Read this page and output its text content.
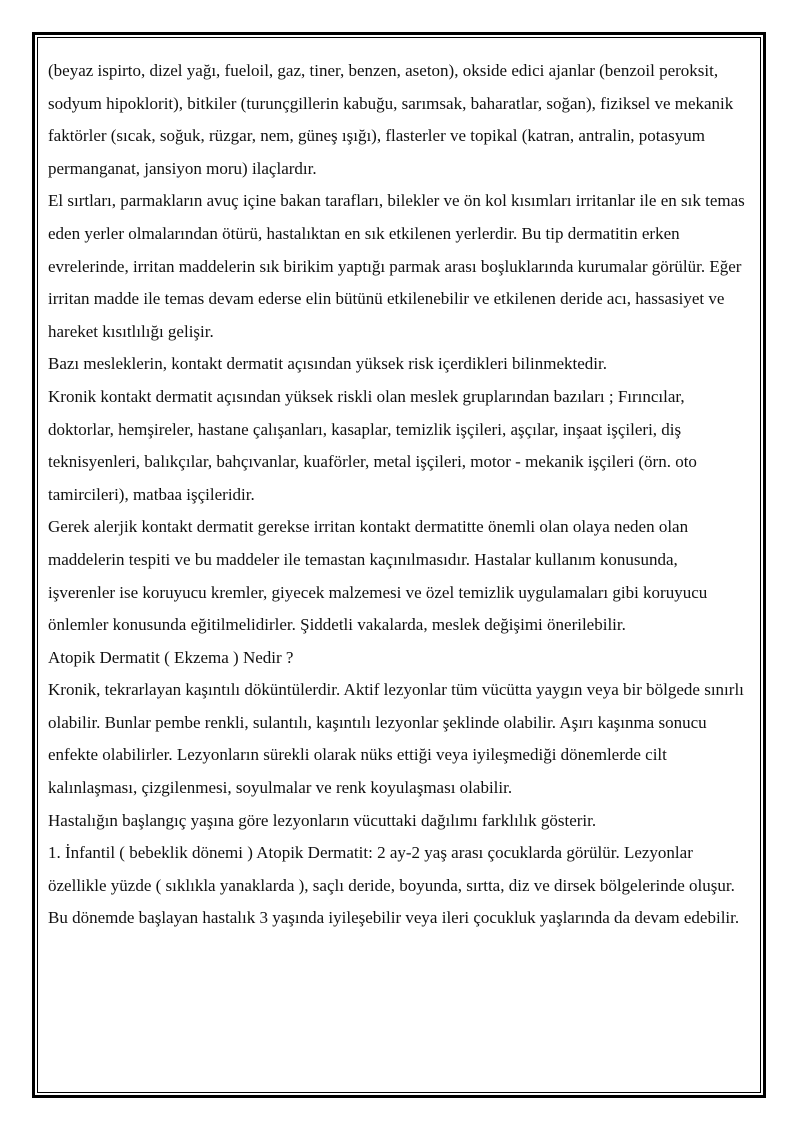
(beyaz ispirto, dizel yağı, fueloil, gaz, tiner, benzen, aseton), okside edici ajanlar (benzoil peroksit, sodyum hipoklorit), bitkiler (turunçgillerin kabuğu, sarımsak, baharatlar, soğan), fiziksel ve mekanik faktörler (sıcak, soğuk, rüzgar, nem, güneş ışığı), flasterler ve topikal (katran, antralin, potasyum permanganat, jansiyon moru) ilaçlardır.

El sırtları, parmakların avuç içine bakan tarafları, bilekler ve ön kol kısımları irritanlar ile en sık temas eden yerler olmalarından ötürü, hastalıktan en sık etkilenen yerlerdir. Bu tip dermatitin erken evrelerinde, irritan maddelerin sık birikim yaptığı parmak arası boşluklarında kurumalar görülür. Eğer irritan madde ile temas devam ederse elin bütünü etkilenebilir ve etkilenen deride acı, hassasiyet ve hareket kısıtlılığı gelişir.

Bazı mesleklerin, kontakt dermatit açısından yüksek risk içerdikleri bilinmektedir.

Kronik kontakt dermatit açısından yüksek riskli olan meslek gruplarından bazıları ; Fırıncılar, doktorlar, hemşireler, hastane çalışanları, kasaplar, temizlik işçileri, aşçılar, inşaat işçileri, diş teknisyenleri, balıkçılar, bahçıvanlar, kuaförler, metal işçileri, motor - mekanik işçileri (örn. oto tamircileri), matbaa işçileridir.

Gerek alerjik kontakt dermatit gerekse irritan kontakt dermatitte önemli olan olaya neden olan maddelerin tespiti ve bu maddeler ile temastan kaçınılmasıdır. Hastalar kullanım konusunda, işverenler ise koruyucu kremler, giyecek malzemesi ve özel temizlik uygulamaları gibi koruyucu önlemler konusunda eğitilmelidirler. Şiddetli vakalarda, meslek değişimi önerilebilir.

Atopik Dermatit ( Ekzema ) Nedir ?

Kronik, tekrarlayan kaşıntılı döküntülerdir. Aktif lezyonlar tüm vücütta yaygın veya bir bölgede sınırlı olabilir. Bunlar pembe renkli, sulantılı, kaşıntılı lezyonlar şeklinde olabilir. Aşırı kaşınma sonucu enfekte olabilirler. Lezyonların sürekli olarak nüks ettiği veya iyileşmediği dönemlerde cilt kalınlaşması, çizgilenmesi, soyulmalar ve renk koyulaşması olabilir.

Hastalığın başlangıç yaşına göre lezyonların vücuttaki dağılımı farklılık gösterir.

1. İnfantil ( bebeklik dönemi ) Atopik Dermatit: 2 ay-2 yaş arası çocuklarda görülür. Lezyonlar özellikle yüzde ( sıklıkla yanaklarda ), saçlı deride, boyunda, sırtta, diz ve dirsek bölgelerinde oluşur. Bu dönemde başlayan hastalık 3 yaşında iyileşebilir veya ileri çocukluk yaşlarında da devam edebilir.
